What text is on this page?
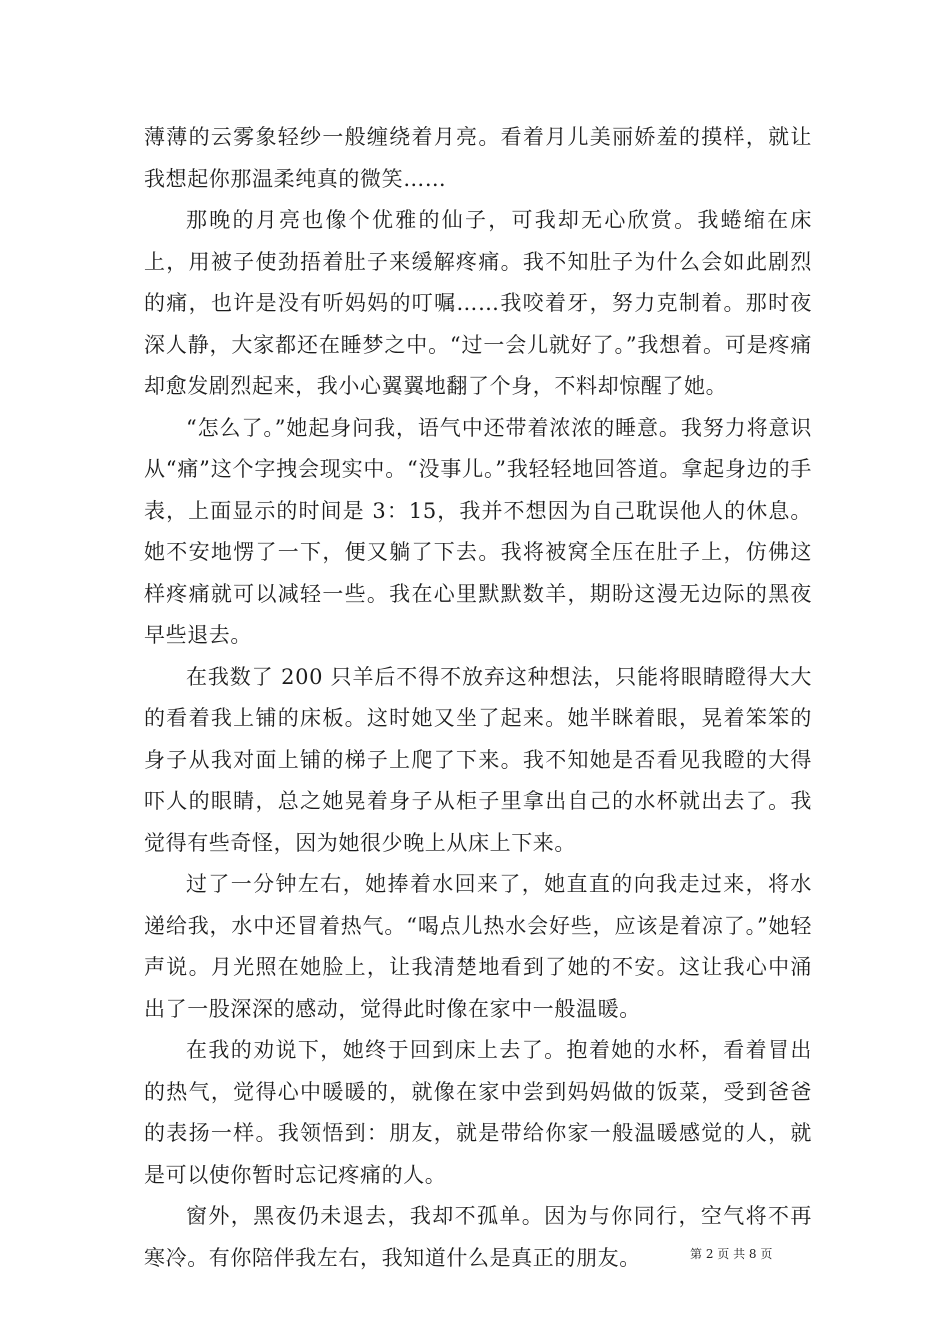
薄薄的云雾象轻纱一般缠绕着月亮。看着月儿美丽娇羞的摸样，就让我想起你那温柔纯真的微笑……

那晚的月亮也像个优雅的仙子，可我却无心欣赏。我蜷缩在床上，用被子使劲捂着肚子来缓解疼痛。我不知肚子为什么会如此剧烈的痛，也许是没有听妈妈的叮嘱……我咬着牙，努力克制着。那时夜深人静，大家都还在睡梦之中。“过一会儿就好了。”我想着。可是疼痛却愈发剧烈起来，我小心翼翼地翻了个身，不料却惊醒了她。

“怎么了。”她起身问我，语气中还带着浓浓的睡意。我努力将意识从“痛”这个字拽会现实中。“没事儿。”我轻轻地回答道。拿起身边的手表，上面显示的时间是 3：15，我并不想因为自己耽误他人的休息。她不安地愣了一下，便又躺了下去。我将被窝全压在肚子上，仿佛这样疼痛就可以减轻一些。我在心里默默数羊，期盼这漫无边际的黑夜早些退去。

在我数了 200 只羊后不得不放弃这种想法，只能将眼睛瞪得大大的看着我上铺的床板。这时她又坐了起来。她半眯着眼，晃着笨笨的身子从我对面上铺的梯子上爬了下来。我不知她是否看见我瞪的大得吓人的眼睛，总之她晃着身子从柜子里拿出自己的水杯就出去了。我觉得有些奇怪，因为她很少晚上从床上下来。

过了一分钟左右，她捧着水回来了，她直直的向我走过来，将水递给我，水中还冒着热气。“喝点儿热水会好些，应该是着凉了。”她轻声说。月光照在她脸上，让我清楚地看到了她的不安。这让我心中涌出了一股深深的感动，觉得此时像在家中一般温暖。

在我的劝说下，她终于回到床上去了。抱着她的水杯，看着冒出的热气，觉得心中暖暖的，就像在家中尝到妈妈做的饭菜，受到爸爸的表扬一样。我领悟到：朋友，就是带给你家一般温暖感觉的人，就是可以使你暂时忘记疼痛的人。

窗外，黑夜仍未退去，我却不孤单。因为与你同行，空气将不再寒冷。有你陪伴我左右，我知道什么是真正的朋友。	第 2 页 共 8 页
